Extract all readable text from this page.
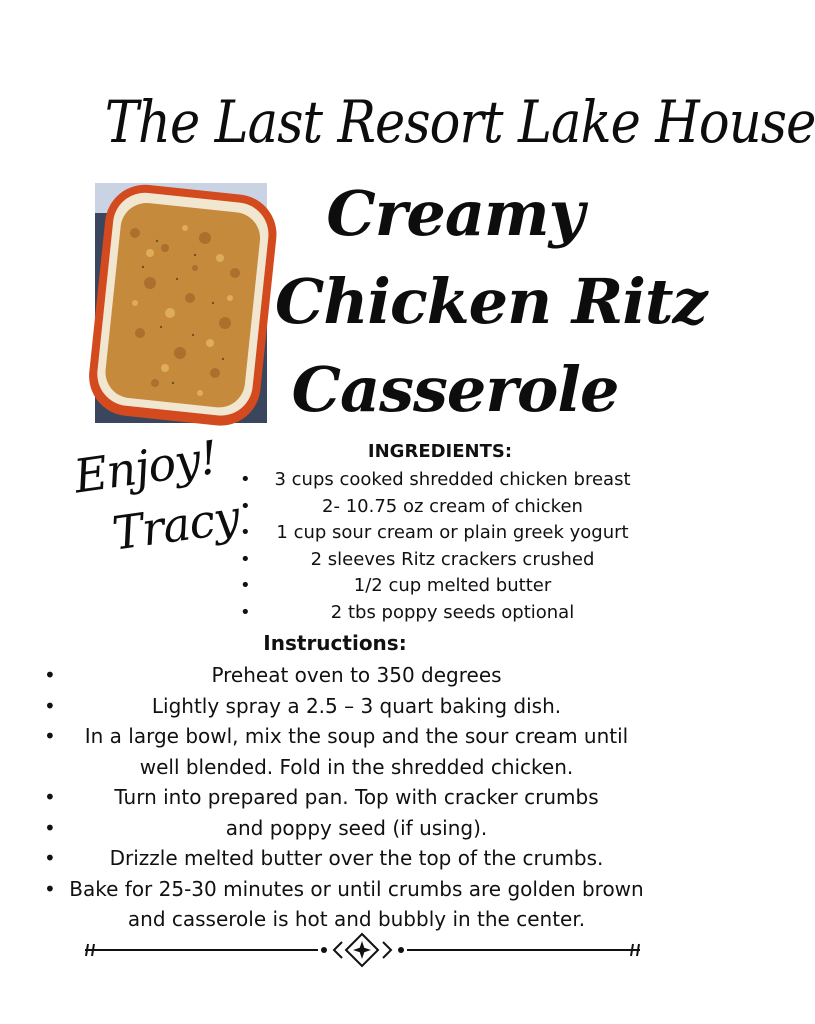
The Last Resort Lake House
Creamy
Chicken Ritz
Casserole
Enjoy!
Tracy
INGREDIENTS:
• 3 cups cooked shredded chicken breast
•	2- 10.75 oz cream of chicken
• 1 cup sour cream or plain greek yogurt
•	2 sleeves Ritz crackers crushed
•	1/2 cup melted butter
•	2 tbs poppy seeds optional
Instructions:
•	Preheat oven to 350 degrees
•	Lightly spray a 2.5 – 3 quart baking dish.
• In a large bowl, mix the soup and the sour cream until well blended. Fold in the shredded chicken.
•	Turn into prepared pan. Top with cracker crumbs
•	and poppy seed (if using).
•	Drizzle melted butter over the top of the crumbs.
• Bake for 25-30 minutes or until crumbs are golden brown and casserole is hot and bubbly in the center.
